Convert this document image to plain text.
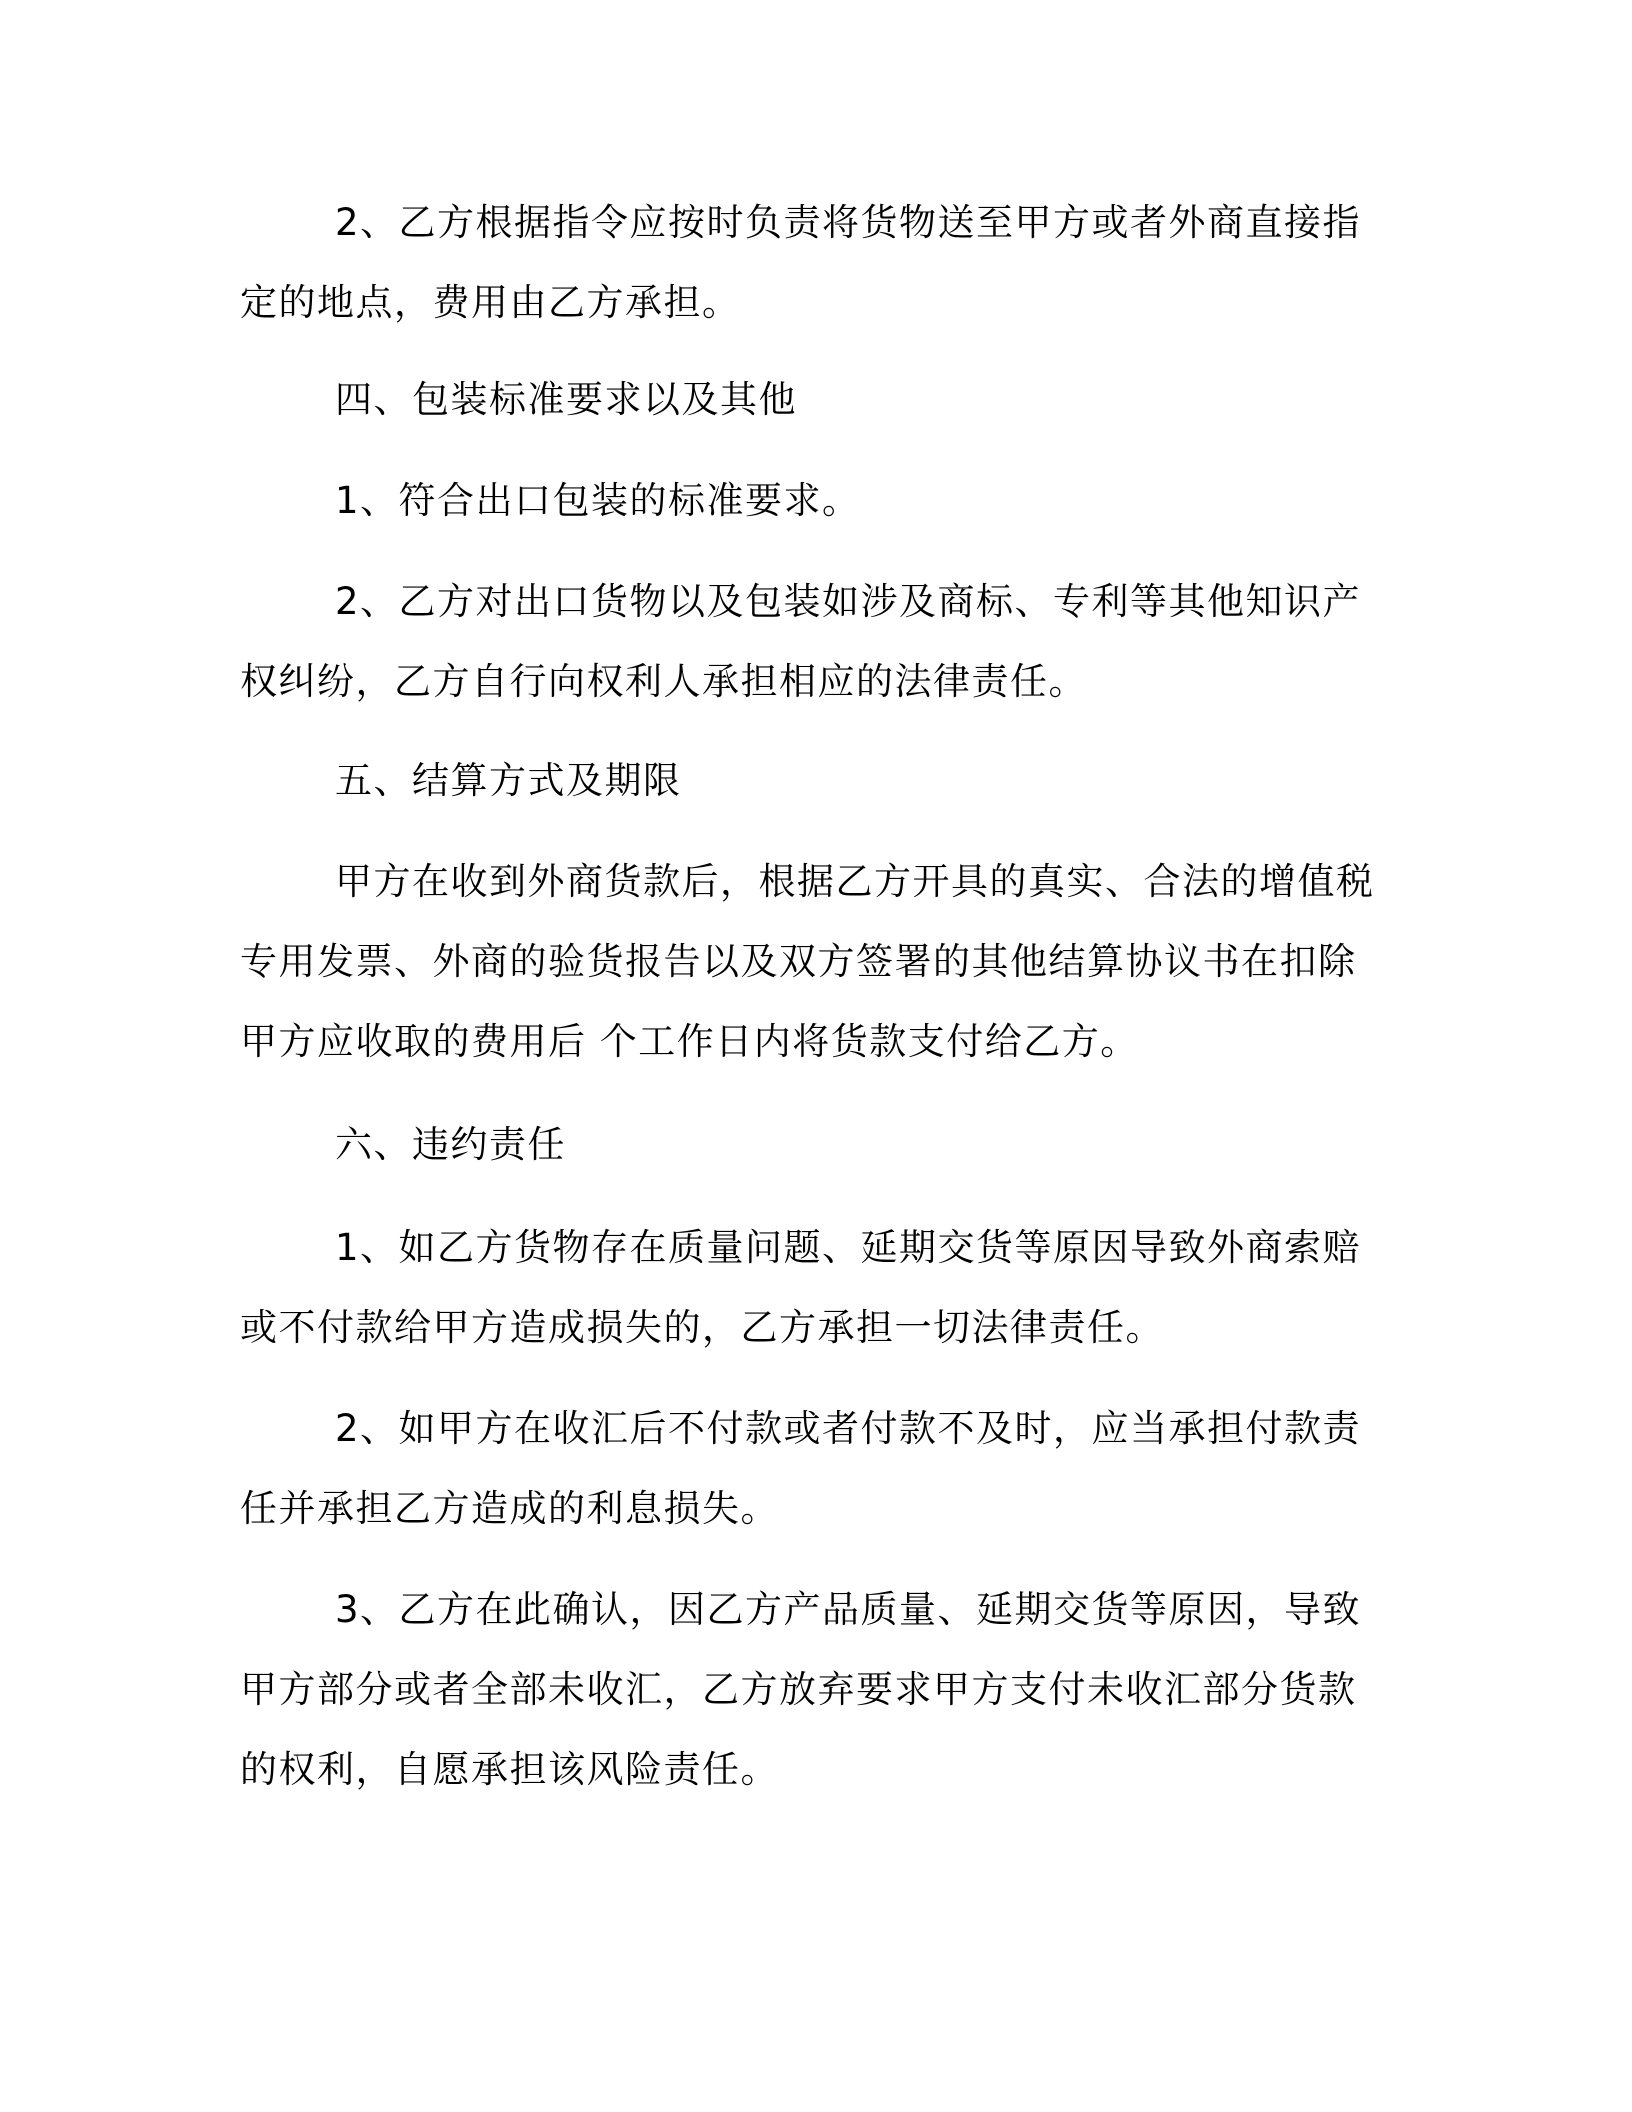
2、乙方根据指令应按时负责将货物送至甲方或者外商直接指定的地点，费用由乙方承担。

四、包装标准要求以及其他

1、符合出口包装的标准要求。

2、乙方对出口货物以及包装如涉及商标、专利等其他知识产权纠纷，乙方自行向权利人承担相应的法律责任。

五、结算方式及期限

甲方在收到外商货款后，根据乙方开具的真实、合法的增值税专用发票、外商的验货报告以及双方签署的其他结算协议书在扣除甲方应收取的费用后 个工作日内将货款支付给乙方。

六、违约责任

1、如乙方货物存在质量问题、延期交货等原因导致外商索赔或不付款给甲方造成损失的，乙方承担一切法律责任。

2、如甲方在收汇后不付款或者付款不及时，应当承担付款责任并承担乙方造成的利息损失。

3、乙方在此确认，因乙方产品质量、延期交货等原因，导致甲方部分或者全部未收汇，乙方放弃要求甲方支付未收汇部分货款的权利，自愿承担该风险责任。
